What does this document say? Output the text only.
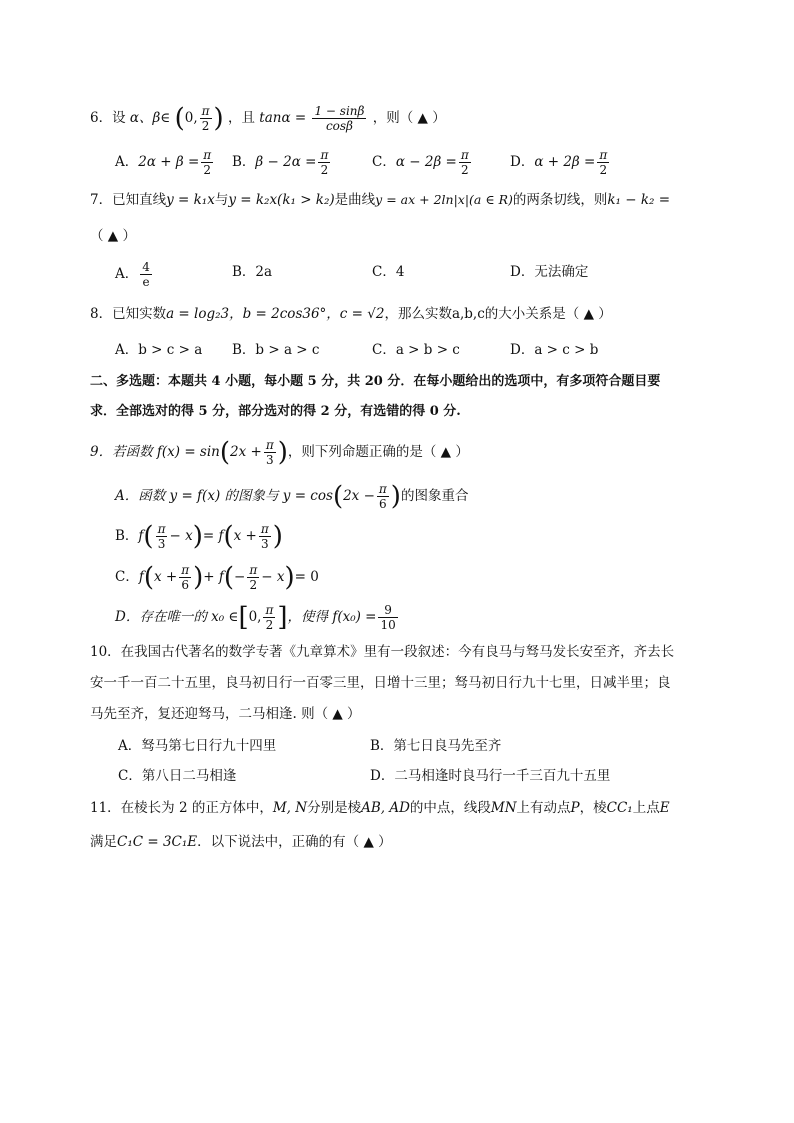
6．设 α、β∈ (0, $\frac{\pi}{2}$ ) ，且 $\tan\alpha = \frac{1 - \sin\beta}{\cos\beta}$ ，则（ ▲ ）
A．$2\alpha + \beta = \frac{\pi}{2}$ B．$\beta - 2\alpha = \frac{\pi}{2}$	C．$\alpha - 2\beta = \frac{\pi}{2}$	D．$\alpha + 2\beta = \frac{\pi}{2}$
7．已知直线y = k₁x与y = k₂x(k₁ > k₂)是曲线y = ax + 2ln|x|(a ∈ R)的两条切线，则k₁ − k₂ =
（ ▲ ）
A． $\frac{4}{e}$	B．2a	C．4	D．无法确定
8．已知实数a = log₂3，b = 2cos36°，c = √2，那么实数a,b,c的大小关系是（ ▲ ）
A．b > c > a B．b > a > c	C．a > b > c	D．a > c > b
二、多选题：本题共 4 小题，每小题 5 分，共 20 分．在每小题给出的选项中，有多项符合题目要
求．全部选对的得 5 分，部分选对的得 2 分，有选错的得 0 分.
9．若函数 $f(x) = \sin(2x + \frac{\pi}{3}$ )，则下列命题正确的是（ ▲ ）
A．函数 y = f(x) 的图象与 $y = \cos(2x - \frac{\pi}{6}$ )的图象重合
B．$f( \frac{\pi}{3} - x)= f(x + \frac{\pi}{3}$ )
C．$f(x + \frac{\pi}{6}$ )+ $f(- \frac{\pi}{2} - x)= 0$
D．存在唯一的 x₀ ∈[0, $\frac{\pi}{2}$ ]，使得 $f(x_0) = \frac{9}{10}$
10．在我国古代著名的数学专著《九章算术》里有一段叙述：今有良马与驽马发长安至齐，齐去长
安一千一百二十五里，良马初日行一百零三里，日增十三里；驽马初日行九十七里，日减半里；良
马先至齐，复还迎驽马，二马相逢. 则（ ▲ ）
A．驽马第七日行九十四里	B．第七日良马先至齐
C．第八日二马相逢	D．二马相逢时良马行一千三百九十五里
11．在棱长为 2 的正方体中，M, N分别是棱AB, AD的中点，线段MN上有动点P，棱CC₁上点E
满足C₁C = 3C₁E．以下说法中，正确的有（ ▲ ）
